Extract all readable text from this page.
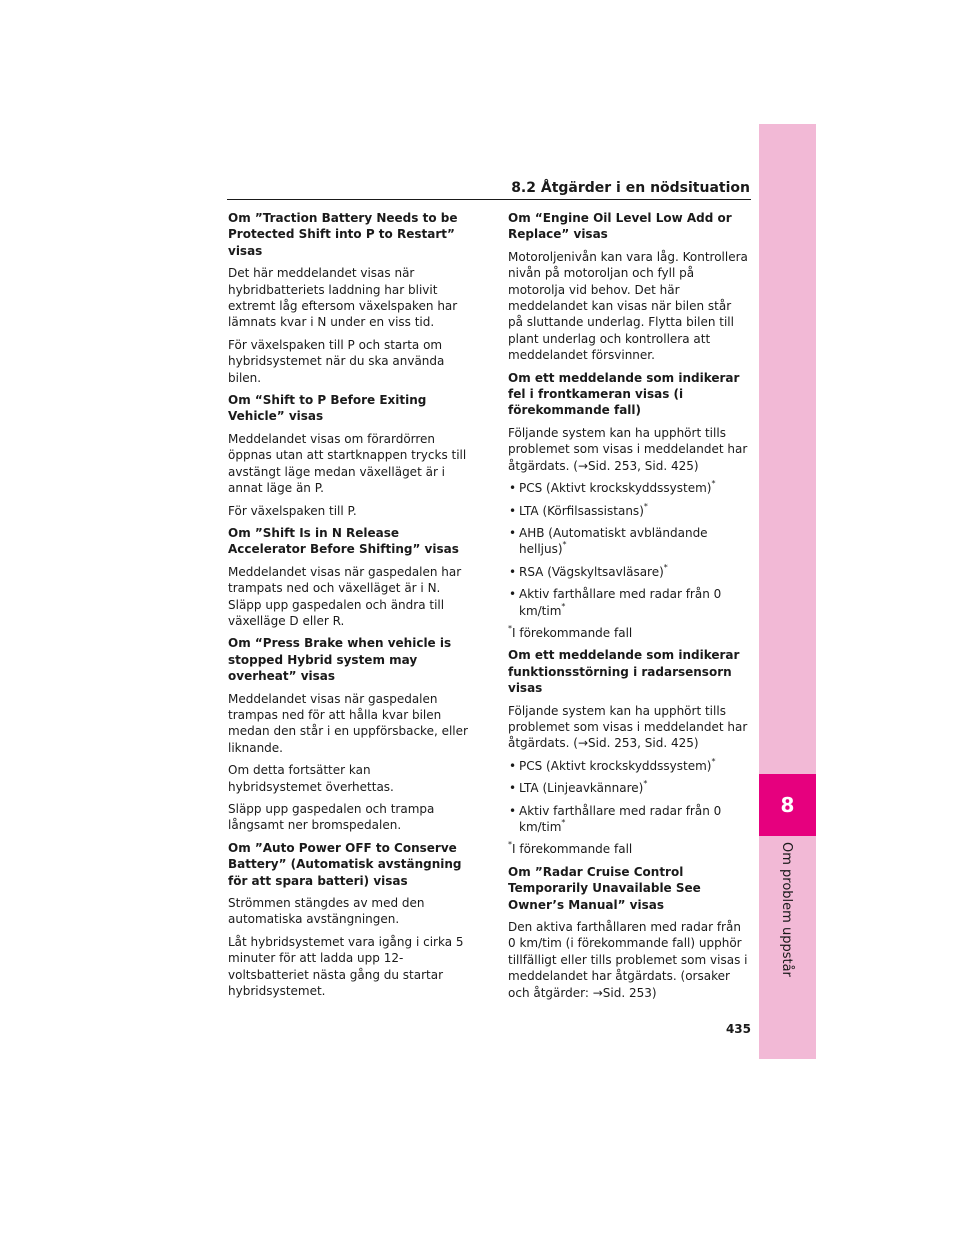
8
Om problem uppstår
8.2 Åtgärder i en nödsituation
Om ”Traction Battery Needs to be Protected Shift into P to Restart” visas
Det här meddelandet visas när hybridbatteriets laddning har blivit extremt låg eftersom växelspaken har lämnats kvar i N under en viss tid.
För växelspaken till P och starta om hybridsystemet när du ska använda bilen.
Om “Shift to P Before Exiting Vehicle” visas
Meddelandet visas om förardörren öppnas utan att startknappen trycks till avstängt läge medan växelläget är i annat läge än P.
För växelspaken till P.
Om ”Shift Is in N Release Accelerator Before Shifting” visas
Meddelandet visas när gaspedalen har trampats ned och växelläget är i N. Släpp upp gaspedalen och ändra till växelläge D eller R.
Om “Press Brake when vehicle is stopped Hybrid system may overheat” visas
Meddelandet visas när gaspedalen trampas ned för att hålla kvar bilen medan den står i en uppförsbacke, eller liknande.
Om detta fortsätter kan hybridsystemet överhettas.
Släpp upp gaspedalen och trampa långsamt ner bromspedalen.
Om ”Auto Power OFF to Conserve Battery” (Automatisk avstängning för att spara batteri) visas
Strömmen stängdes av med den automatiska avstängningen.
Låt hybridsystemet vara igång i cirka 5 minuter för att ladda upp 12-voltsbatteriet nästa gång du startar hybridsystemet.
Om “Engine Oil Level Low Add or Replace” visas
Motoroljenivån kan vara låg. Kontrollera nivån på motoroljan och fyll på motorolja vid behov. Det här meddelandet kan visas när bilen står på sluttande underlag. Flytta bilen till plant underlag och kontrollera att meddelandet försvinner.
Om ett meddelande som indikerar fel i frontkameran visas (i förekommande fall)
Följande system kan ha upphört tills problemet som visas i meddelandet har åtgärdats. (→Sid. 253, Sid. 425)
• PCS (Aktivt krockskyddssystem)*
• LTA (Körfilsassistans)*
• AHB (Automatiskt avbländande helljus)*
• RSA (Vägskyltsavläsare)*
• Aktiv farthållare med radar från 0 km/tim*
*I förekommande fall
Om ett meddelande som indikerar funktionsstörning i radarsensorn visas
Följande system kan ha upphört tills problemet som visas i meddelandet har åtgärdats. (→Sid. 253, Sid. 425)
• PCS (Aktivt krockskyddssystem)*
• LTA (Linjeavkännare)*
• Aktiv farthållare med radar från 0 km/tim*
*I förekommande fall
Om ”Radar Cruise Control Temporarily Unavailable See Owner’s Manual” visas
Den aktiva farthållaren med radar från 0 km/tim (i förekommande fall) upphör tillfälligt eller tills problemet som visas i meddelandet har åtgärdats. (orsaker och åtgärder: →Sid. 253)
435
